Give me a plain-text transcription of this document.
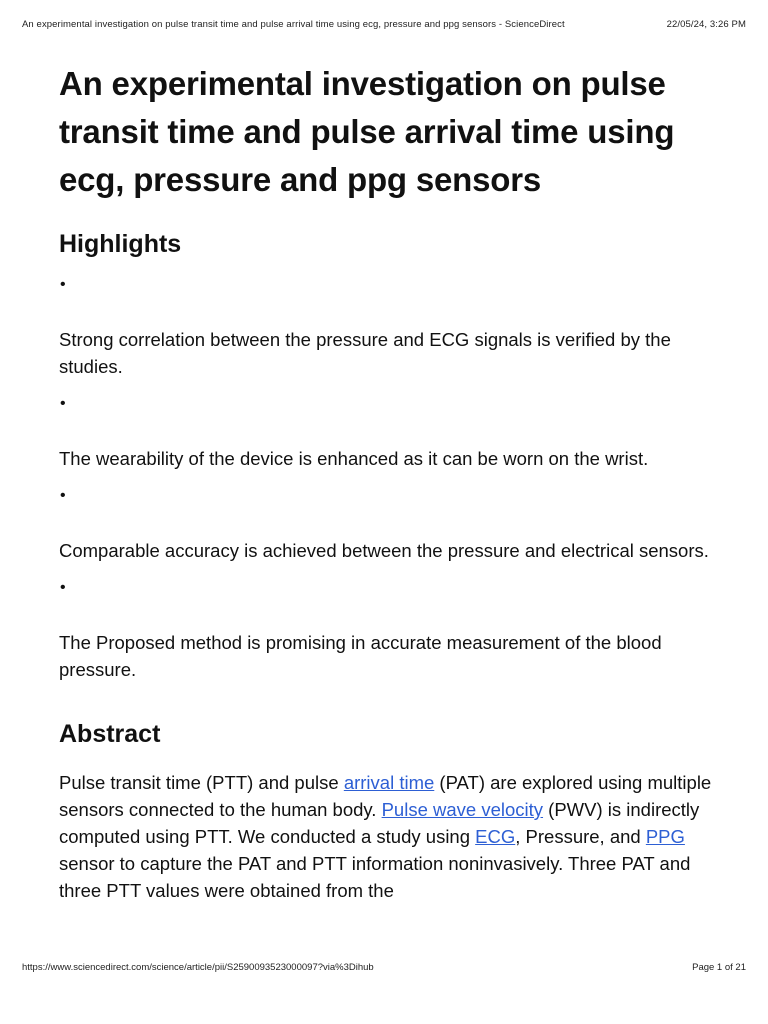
An experimental investigation on pulse transit time and pulse arrival time using ecg, pressure and ppg sensors - ScienceDirect	22/05/24, 3:26 PM
An experimental investigation on pulse transit time and pulse arrival time using ecg, pressure and ppg sensors
Highlights
•

Strong correlation between the pressure and ECG signals is verified by the studies.

•

The wearability of the device is enhanced as it can be worn on the wrist.

•

Comparable accuracy is achieved between the pressure and electrical sensors.

•

The Proposed method is promising in accurate measurement of the blood pressure.

Abstract

Pulse transit time (PTT) and pulse arrival time (PAT) are explored using multiple sensors connected to the human body. Pulse wave velocity (PWV) is indirectly computed using PTT. We conducted a study using ECG, Pressure, and PPG sensor to capture the PAT and PTT information noninvasively. Three PAT and three PTT values were obtained from the

https://www.sciencedirect.com/science/article/pii/S2590093523000097?via%3Dihub	Page 1 of 21
